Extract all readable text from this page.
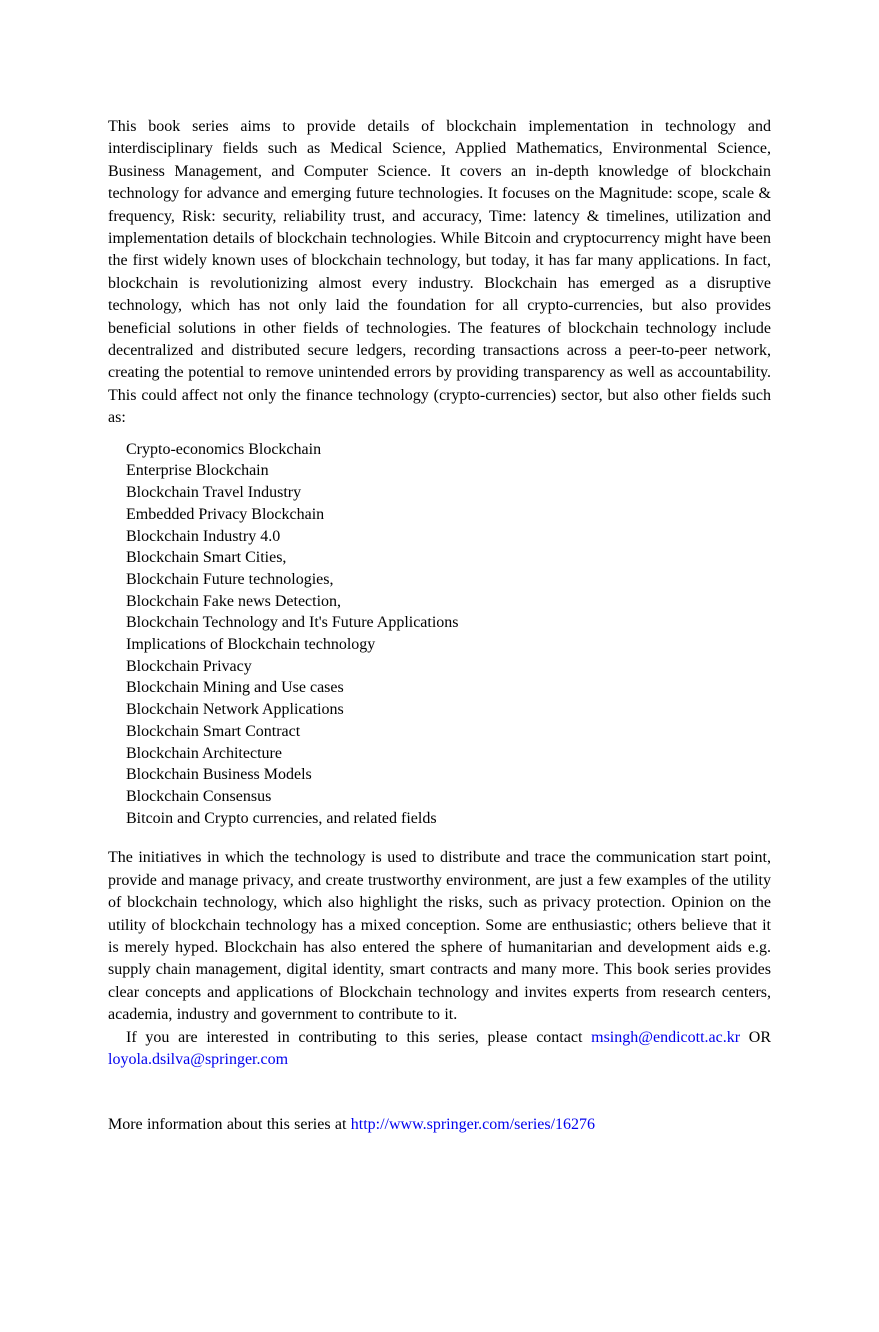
This book series aims to provide details of blockchain implementation in technology and interdisciplinary fields such as Medical Science, Applied Mathematics, Environmental Science, Business Management, and Computer Science. It covers an in-depth knowledge of blockchain technology for advance and emerging future technologies. It focuses on the Magnitude: scope, scale & frequency, Risk: security, reliability trust, and accuracy, Time: latency & timelines, utilization and implementation details of blockchain technologies. While Bitcoin and cryptocurrency might have been the first widely known uses of blockchain technology, but today, it has far many applications. In fact, blockchain is revolutionizing almost every industry. Blockchain has emerged as a disruptive technology, which has not only laid the foundation for all crypto-currencies, but also provides beneficial solutions in other fields of technologies. The features of blockchain technology include decentralized and distributed secure ledgers, recording transactions across a peer-to-peer network, creating the potential to remove unintended errors by providing transparency as well as accountability. This could affect not only the finance technology (crypto-currencies) sector, but also other fields such as:

Crypto-economics Blockchain
Enterprise Blockchain
Blockchain Travel Industry
Embedded Privacy Blockchain
Blockchain Industry 4.0
Blockchain Smart Cities,
Blockchain Future technologies,
Blockchain Fake news Detection,
Blockchain Technology and It's Future Applications
Implications of Blockchain technology
Blockchain Privacy
Blockchain Mining and Use cases
Blockchain Network Applications
Blockchain Smart Contract
Blockchain Architecture
Blockchain Business Models
Blockchain Consensus
Bitcoin and Crypto currencies, and related fields

The initiatives in which the technology is used to distribute and trace the communication start point, provide and manage privacy, and create trustworthy environment, are just a few examples of the utility of blockchain technology, which also highlight the risks, such as privacy protection. Opinion on the utility of blockchain technology has a mixed conception. Some are enthusiastic; others believe that it is merely hyped. Blockchain has also entered the sphere of humanitarian and development aids e.g. supply chain management, digital identity, smart contracts and many more. This book series provides clear concepts and applications of Blockchain technology and invites experts from research centers, academia, industry and government to contribute to it.

If you are interested in contributing to this series, please contact msingh@endicott.ac.kr OR loyola.dsilva@springer.com

More information about this series at http://www.springer.com/series/16276
